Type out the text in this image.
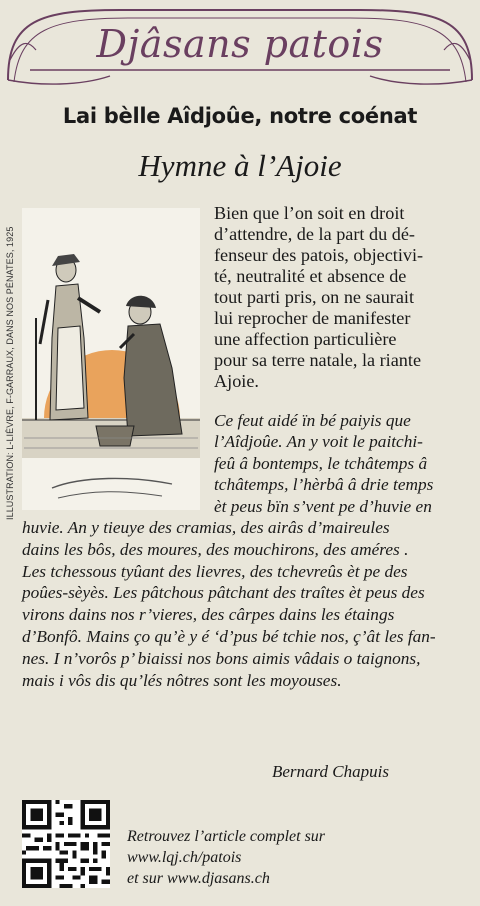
Djâsans patois
Lai bèlle Aîdjoûe, notre coénat
Hymne à l’Ajoie
ILLUSTRATION: L-LIÈVRE, F-GARRAUX, DANS NOS PÉNATES, 1925
Bien que l’on soit en droit
d’attendre, de la part du dé-
fenseur des patois, objectivi-
té, neutralité et absence de
tout parti pris, on ne saurait
lui reprocher de manifester
une affection particulière
pour sa terre natale, la riante
Ajoie.
Ce feut aidé ïn bé paiyis que
l’Aîdjoûe. An y voit le paitchi-
feû â bontemps, le tchâtemps â
tchâtemps, l’hèrbâ â drie temps
èt peus bïn s’vent pe d’huvie en
huvie. An y tieuye des cramias, des airâs d’maireules
dains les bôs, des moures, des mouchirons, des améres .
Les tchessous tyûant des lievres, des tchevreûs èt pe des
poûes-sèyès. Les pâtchous pâtchant des traîtes èt peus des
virons dains nos r’vieres, des cârpes dains les étaings
d’Bonfô. Mains ço qu’è y é ‘d’pus bé tchie nos, ç’ât les fan-
nes. I n’vorôs p’ biaissi nos bons aimis vâdais o taignons,
mais i vôs dis qu’lés nôtres sont les moyouses.
Bernard Chapuis
Retrouvez l’article complet sur
www.lqj.ch/patois
et sur www.djasans.ch
